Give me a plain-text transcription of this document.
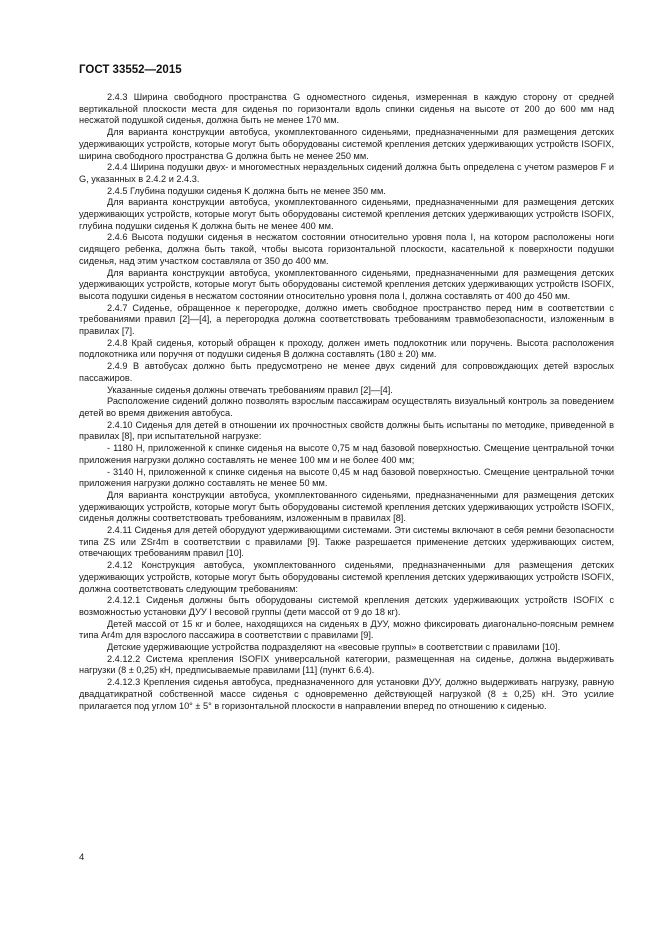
ГОСТ 33552—2015

2.4.3 Ширина свободного пространства G одноместного сиденья, измеренная в каждую сторону от средней вертикальной плоскости места для сиденья по горизонтали вдоль спинки сиденья на высоте от 200 до 600 мм над несжатой подушкой сиденья, должна быть не менее 170 мм.

Для варианта конструкции автобуса, укомплектованного сиденьями, предназначенными для размещения детских удерживающих устройств, которые могут быть оборудованы системой крепления детских удерживающих устройств ISOFIX, ширина свободного пространства G должна быть не менее 250 мм.

2.4.4 Ширина подушки двух- и многоместных нераздельных сидений должна быть определена с учетом размеров F и G, указанных в 2.4.2 и 2.4.3.

2.4.5 Глубина подушки сиденья K должна быть не менее 350 мм.

Для варианта конструкции автобуса, укомплектованного сиденьями, предназначенными для размещения детских удерживающих устройств, которые могут быть оборудованы системой крепления детских удерживающих устройств ISOFIX, глубина подушки сиденья K должна быть не менее 400 мм.

2.4.6 Высота подушки сиденья в несжатом состоянии относительно уровня пола I, на котором расположены ноги сидящего ребенка, должна быть такой, чтобы высота горизонтальной плоскости, касательной к поверхности подушки сиденья, над этим участком составляла от 350 до 400 мм.

Для варианта конструкции автобуса, укомплектованного сиденьями, предназначенными для размещения детских удерживающих устройств, которые могут быть оборудованы системой крепления детских удерживающих устройств ISOFIX, высота подушки сиденья в несжатом состоянии относительно уровня пола I, должна составлять от 400 до 450 мм.

2.4.7 Сиденье, обращенное к перегородке, должно иметь свободное пространство перед ним в соответствии с требованиями правил [2]—[4], а перегородка должна соответствовать требованиям травмобезопасности, изложенным в правилах [7].

2.4.8 Край сиденья, который обращен к проходу, должен иметь подлокотник или поручень. Высота расположения подлокотника или поручня от подушки сиденья B должна составлять (180 ± 20) мм.

2.4.9 В автобусах должно быть предусмотрено не менее двух сидений для сопровождающих детей взрослых пассажиров.

Указанные сиденья должны отвечать требованиям правил [2]—[4].

Расположение сидений должно позволять взрослым пассажирам осуществлять визуальный контроль за поведением детей во время движения автобуса.

2.4.10 Сиденья для детей в отношении их прочностных свойств должны быть испытаны по методике, приведенной в правилах [8], при испытательной нагрузке:

- 1180 Н, приложенной к спинке сиденья на высоте 0,75 м над базовой поверхностью. Смещение центральной точки приложения нагрузки должно составлять не менее 100 мм и не более 400 мм;

- 3140 Н, приложенной к спинке сиденья на высоте 0,45 м над базовой поверхностью. Смещение центральной точки приложения нагрузки должно составлять не менее 50 мм.

Для варианта конструкции автобуса, укомплектованного сиденьями, предназначенными для размещения детских удерживающих устройств, которые могут быть оборудованы системой крепления детских удерживающих устройств ISOFIX, сиденья должны соответствовать требованиям, изложенным в правилах [8].

2.4.11 Сиденья для детей оборудуют удерживающими системами. Эти системы включают в себя ремни безопасности типа ZS или ZSr4m в соответствии с правилами [9]. Также разрешается применение детских удерживающих систем, отвечающих требованиям правил [10].

2.4.12 Конструкция автобуса, укомплектованного сиденьями, предназначенными для размещения детских удерживающих устройств, которые могут быть оборудованы системой крепления детских удерживающих устройств ISOFIX, должна соответствовать следующим требованиям:

2.4.12.1 Сиденья должны быть оборудованы системой крепления детских удерживающих устройств ISOFIX с возможностью установки ДУУ I весовой группы (дети массой от 9 до 18 кг).

Детей массой от 15 кг и более, находящихся на сиденьях в ДУУ, можно фиксировать диагонально-поясным ремнем типа Ar4m для взрослого пассажира в соответствии с правилами [9].

Детские удерживающие устройства подразделяют на «весовые группы» в соответствии с правилами [10].

2.4.12.2 Система крепления ISOFIX универсальной категории, размещенная на сиденье, должна выдерживать нагрузки (8 ± 0,25) кН, предписываемые правилами [11] (пункт 6.6.4).

2.4.12.3 Крепления сиденья автобуса, предназначенного для установки ДУУ, должно выдерживать нагрузку, равную двадцатикратной собственной массе сиденья с одновременно действующей нагрузкой (8 ± 0,25) кН. Это усилие прилагается под углом 10° ± 5° в горизонтальной плоскости в направлении вперед по отношению к сиденью.

4
